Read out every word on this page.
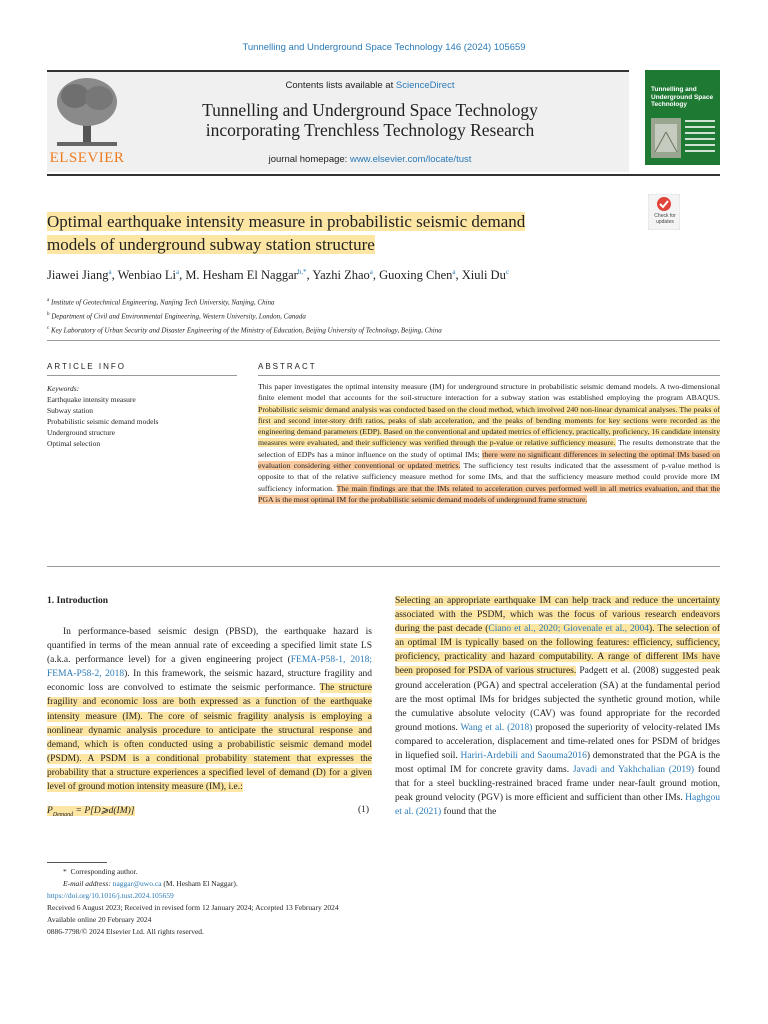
Tunnelling and Underground Space Technology 146 (2024) 105659
ELSEVIER
Contents lists available at ScienceDirect
Tunnelling and Underground Space Technology
incorporating Trenchless Technology Research
journal homepage: www.elsevier.com/locate/tust
Tunnelling and Underground Space Technology
Optimal earthquake intensity measure in probabilistic seismic demand
models of underground subway station structure
Check for updates
Jiawei Jiang$^a$, Wenbiao Li$^a$, M. Hesham El Naggar$^{b,*}$, Yazhi Zhao$^a$, Guoxing Chen$^a$, Xiuli Du$^c$
$^a$ Institute of Geotechnical Engineering, Nanjing Tech University, Nanjing, China
$^b$ Department of Civil and Environmental Engineering, Western University, London, Canada
$^c$ Key Laboratory of Urban Security and Disaster Engineering of the Ministry of Education, Beijing University of Technology, Beijing, China
ARTICLE INFO	ABSTRACT
Keywords:
Earthquake intensity measure
Subway station
Probabilistic seismic demand models
Underground structure
Optimal selection
This paper investigates the optimal intensity measure (IM) for underground structure in probabilistic seismic demand models. A two-dimensional finite element model that accounts for the soil-structure interaction for a subway station was established employing the program ABAQUS. Probabilistic seismic demand analysis was conducted based on the cloud method, which involved 240 non-linear dynamical analyses. The peaks of first and second inter-story drift ratios, peaks of slab acceleration, and the peaks of bending moments for key sections were recorded as the engineering demand parameters (EDP). Based on the conventional and updated metrics of efficiency, practically, proficiency, 16 candidate intensity measures were evaluated, and their sufficiency was verified through the p-value or relative sufficiency measure. The results demonstrate that the selection of EDPs has a minor influence on the study of optimal IMs; there were no significant differences in selecting the optimal IMs based on evaluation considering either conventional or updated metrics. The sufficiency test results indicated that the assessment of p-value method is opposite to that of the relative sufficiency measure method for some IMs, and that the sufficiency measure method could provide more IM sufficiency information. The main findings are that the IMs related to acceleration curves performed well in all metrics evaluation, and that the PGA is the most optimal IM for the probabilistic seismic demand models of underground frame structure.
1. Introduction
In performance-based seismic design (PBSD), the earthquake hazard is quantified in terms of the mean annual rate of exceeding a specified limit state LS (a.k.a. performance level) for a given engineering project (FEMA-P58-1, 2018; FEMA-P58-2, 2018). In this framework, the seismic hazard, structure fragility and economic loss are convolved to estimate the seismic performance. The structure fragility and economic loss are both expressed as a function of the earthquake intensity measure (IM). The core of seismic fragility analysis is employing a nonlinear dynamic analysis procedure to anticipate the structural response and demand, which is often conducted using a probabilistic seismic demand model (PSDM). A PSDM is a conditional probability statement that expresses the probability that a structure experiences a specified level of demand (D) for a given level of ground motion intensity measure (IM), i.e.:
$P_{Demand}$ = P[D⩾d(IM)]	(1)
Selecting an appropriate earthquake IM can help track and reduce the uncertainty associated with the PSDM, which was the focus of various research endeavors during the past decade (Ciano et al., 2020; Giovenale et al., 2004). The selection of an optimal IM is typically based on the following features: efficiency, sufficiency, proficiency, practicality and hazard computability. A range of different IMs have been proposed for PSDA of various structures. Padgett et al. (2008) suggested peak ground acceleration (PGA) and spectral acceleration (SA) at the fundamental period are the most optimal IMs for bridges subjected the synthetic ground motion, while the cumulative absolute velocity (CAV) was found appropriate for the recorded ground motions. Wang et al. (2018) proposed the superiority of velocity-related IMs compared to acceleration, displacement and time-related ones for PSDM of bridges in liquefied soil. Hariri-Ardebili and Saouma2016) demonstrated that the PGA is the most optimal IM for concrete gravity dams. Javadi and Yakhchalian (2019) found that for a steel buckling-restrained braced frame under near-fault ground motion, peak ground velocity (PGV) is more efficient and sufficient than other IMs. Haghgou et al. (2021) found that the
*  Corresponding author.
E-mail address: naggar@uwo.ca (M. Hesham El Naggar).
https://doi.org/10.1016/j.tust.2024.105659
Received 6 August 2023; Received in revised form 12 January 2024; Accepted 13 February 2024
Available online 20 February 2024
0886-7798/© 2024 Elsevier Ltd. All rights reserved.
